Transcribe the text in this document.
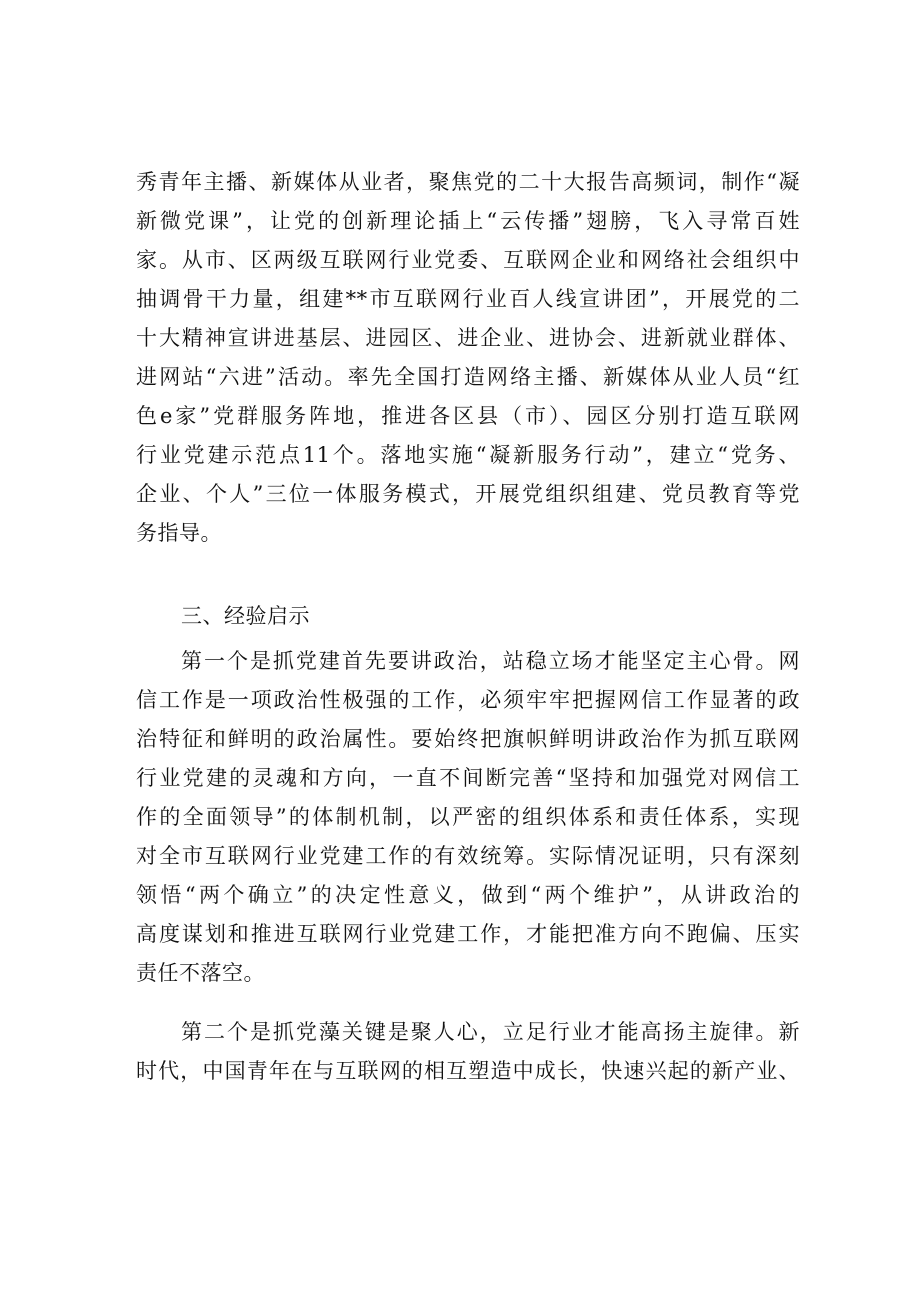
秀青年主播、新媒体从业者，聚焦党的二十大报告高频词，制作“凝
新微党课”，让党的创新理论插上“云传播”翅膀，飞入寻常百姓
家。从市、区两级互联网行业党委、互联网企业和网络社会组织中
抽调骨干力量，组建**市互联网行业百人线宣讲团”，开展党的二
十大精神宣讲进基层、进园区、进企业、进协会、进新就业群体、
进网站“六进”活动。率先全国打造网络主播、新媒体从业人员“红
色e家”党群服务阵地，推进各区县（市）、园区分别打造互联网
行业党建示范点11个。落地实施“凝新服务行动”，建立“党务、
企业、个人”三位一体服务模式，开展党组织组建、党员教育等党
务指导。
三、经验启示
第一个是抓党建首先要讲政治，站稳立场才能坚定主心骨。网
信工作是一项政治性极强的工作，必须牢牢把握网信工作显著的政
治特征和鲜明的政治属性。要始终把旗帜鲜明讲政治作为抓互联网
行业党建的灵魂和方向，一直不间断完善“坚持和加强党对网信工
作的全面领导”的体制机制，以严密的组织体系和责任体系，实现
对全市互联网行业党建工作的有效统筹。实际情况证明，只有深刻
领悟“两个确立”的决定性意义，做到“两个维护”，从讲政治的
高度谋划和推进互联网行业党建工作，才能把准方向不跑偏、压实
责任不落空。
第二个是抓党藻关键是聚人心，立足行业才能高扬主旋律。新
时代，中国青年在与互联网的相互塑造中成长，快速兴起的新产业、
